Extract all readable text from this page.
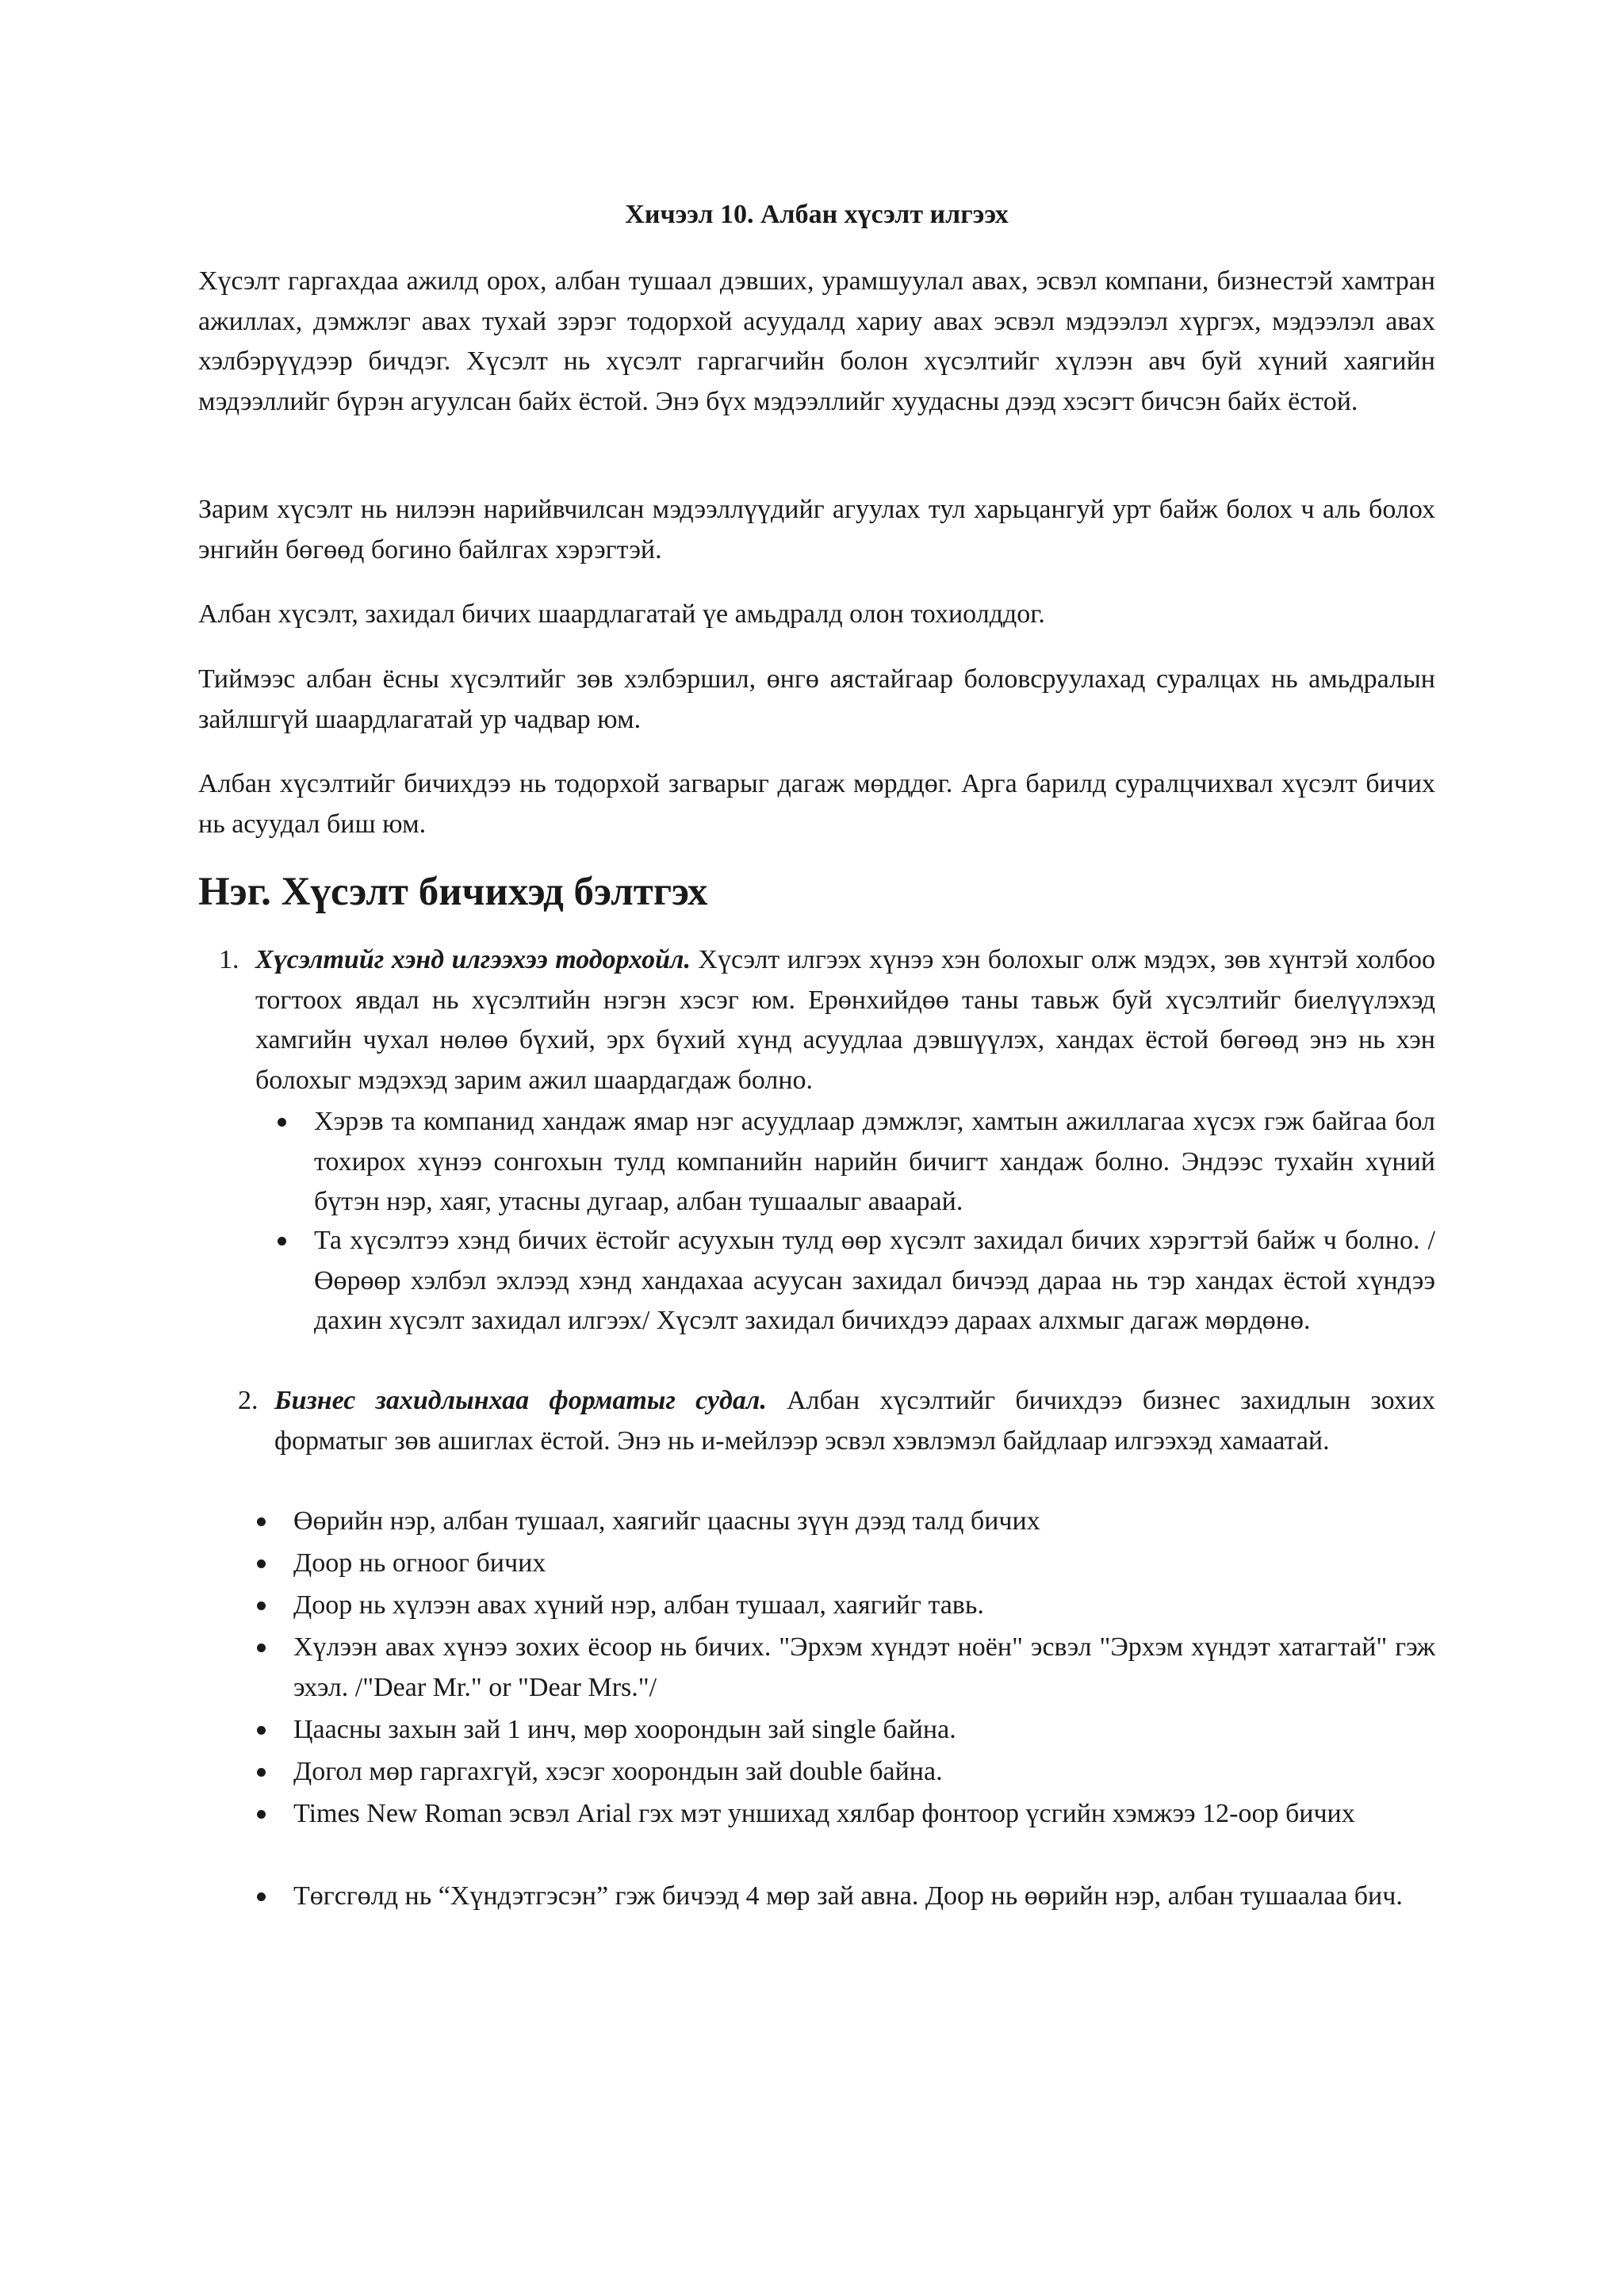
Хичээл 10. Албан хүсэлт илгээх

Хүсэлт гаргахдаа ажилд орох, албан тушаал дэвших, урамшуулал авах, эсвэл компани, бизнестэй хамтран ажиллах, дэмжлэг авах тухай зэрэг тодорхой асуудалд хариу авах эсвэл мэдээлэл хүргэх, мэдээлэл авах хэлбэрүүдээр бичдэг. Хүсэлт нь хүсэлт гаргагчийн болон хүсэлтийг хүлээн авч буй хүний хаягийн мэдээллийг бүрэн агуулсан байх ёстой. Энэ бүх мэдээллийг хуудасны дээд хэсэгт бичсэн байх ёстой.

Зарим хүсэлт нь нилээн нарийвчилсан мэдээллүүдийг агуулах тул харьцангуй урт байж болох ч аль болох энгийн бөгөөд богино байлгах хэрэгтэй.

Албан хүсэлт, захидал бичих шаардлагатай үе амьдралд олон тохиолддог.

Тиймээс албан ёсны хүсэлтийг зөв хэлбэршил, өнгө аястайгаар боловсруулахад суралцах нь амьдралын зайлшгүй шаардлагатай ур чадвар юм.

Албан хүсэлтийг бичихдээ нь тодорхой загварыг дагаж мөрддөг. Арга барилд суралцчихвал хүсэлт бичих нь асуудал биш юм.

Нэг. Хүсэлт бичихэд бэлтгэх
1. Хүсэлтийг хэнд илгээхээ тодорхойл. Хүсэлт илгээх хүнээ хэн болохыг олж мэдэх, зөв хүнтэй холбоо тогтоох явдал нь хүсэлтийн нэгэн хэсэг юм. Ерөнхийдөө таны тавьж буй хүсэлтийг биелүүлэхэд хамгийн чухал нөлөө бүхий, эрх бүхий хүнд асуудлаа дэвшүүлэх, хандах ёстой бөгөөд энэ нь хэн болохыг мэдэхэд зарим ажил шаардагдаж болно.
Хэрэв та компанид хандаж ямар нэг асуудлаар дэмжлэг, хамтын ажиллагаа хүсэх гэж байгаа бол тохирох хүнээ сонгохын тулд компанийн нарийн бичигт хандаж болно. Эндээс тухайн хүний бүтэн нэр, хаяг, утасны дугаар, албан тушаалыг аваарай.
Та хүсэлтээ хэнд бичих ёстойг асуухын тулд өөр хүсэлт захидал бичих хэрэгтэй байж ч болно. /Өөрөөр хэлбэл эхлээд хэнд хандахаа асуусан захидал бичээд дараа нь тэр хандах ёстой хүндээ дахин хүсэлт захидал илгээх/ Хүсэлт захидал бичихдээ дараах алхмыг дагаж мөрдөнө.
2. Бизнес захидлынхаа форматыг судал. Албан хүсэлтийг бичихдээ бизнес захидлын зохих форматыг зөв ашиглах ёстой. Энэ нь и-мейлээр эсвэл хэвлэмэл байдлаар илгээхэд хамаатай.
Өөрийн нэр, албан тушаал, хаягийг цаасны зүүн дээд талд бичих
Доор нь огноог бичих
Доор нь хүлээн авах хүний нэр, албан тушаал, хаягийг тавь.
Хүлээн авах хүнээ зохих ёсоор нь бичих. "Эрхэм хүндэт ноён" эсвэл "Эрхэм хүндэт хатагтай" гэж эхэл. /"Dear Mr." or "Dear Mrs."/
Цаасны захын зай 1 инч, мөр хоорондын зай single байна.
Догол мөр гаргахгүй, хэсэг хоорондын зай double байна.
Times New Roman эсвэл Arial гэх мэт уншихад хялбар фонтоор үсгийн хэмжээ 12-оор бичих
Төгсгөлд нь “Хүндэтгэсэн” гэж бичээд 4 мөр зай авна. Доор нь өөрийн нэр, албан тушаалаа бич.
